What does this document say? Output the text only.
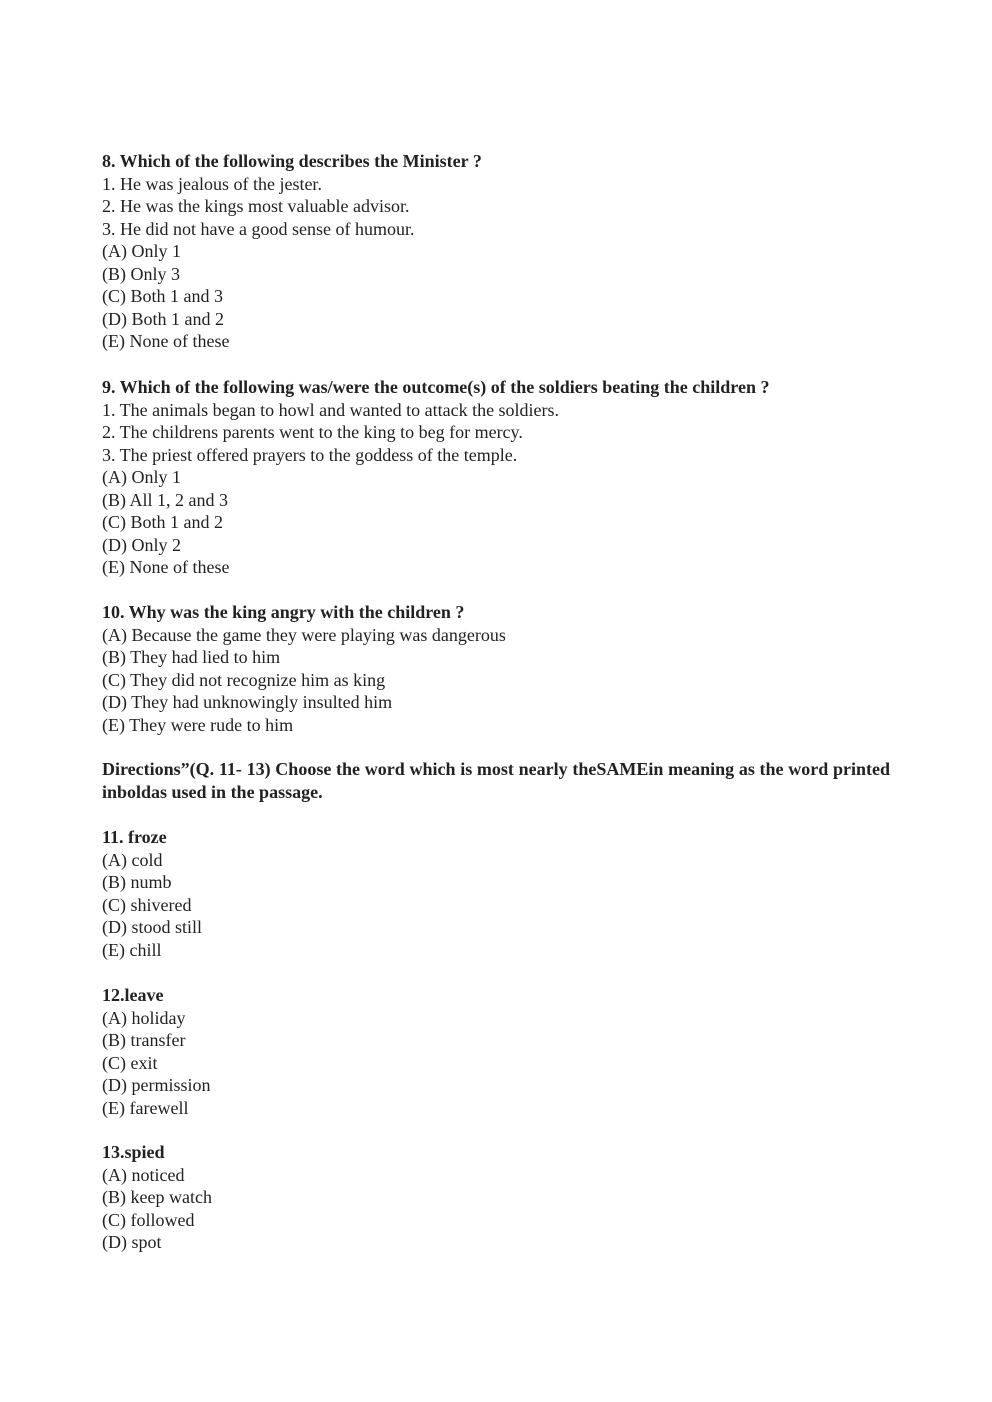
8. Which of the following describes the Minister ?
1. He was jealous of the jester.
2. He was the kings most valuable advisor.
3. He did not have a good sense of humour.
(A) Only 1
(B) Only 3
(C) Both 1 and 3
(D) Both 1 and 2
(E) None of these
9. Which of the following was/were the outcome(s) of the soldiers beating the children ?
1. The animals began to howl and wanted to attack the soldiers.
2. The childrens parents went to the king to beg for mercy.
3. The priest offered prayers to the goddess of the temple.
(A) Only 1
(B) All 1, 2 and 3
(C) Both 1 and 2
(D) Only 2
(E) None of these
10. Why was the king angry with the children ?
(A) Because the game they were playing was dangerous
(B) They had lied to him
(C) They did not recognize him as king
(D) They had unknowingly insulted him
(E) They were rude to him
Directions”(Q. 11- 13) Choose the word which is most nearly theSAMEin meaning as the word printed inboldas used in the passage.
11. froze
(A) cold
(B) numb
(C) shivered
(D) stood still
(E) chill
12.leave
(A) holiday
(B) transfer
(C) exit
(D) permission
(E) farewell
13.spied
(A) noticed
(B) keep watch
(C) followed
(D) spot
